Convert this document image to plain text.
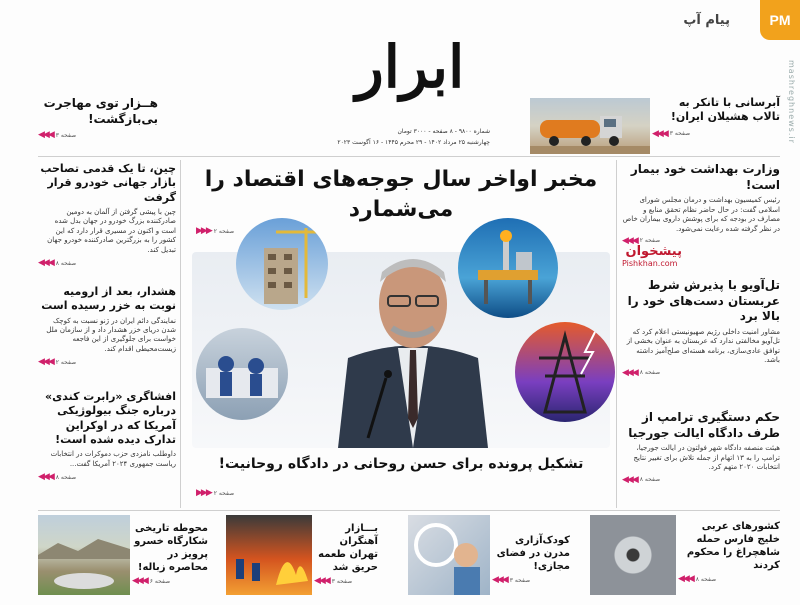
PM
پیام آپ
mashreghnews.ir
ابرار
شماره ۹۸۰۰ - ۸ صفحه - ۳۰۰۰ تومان
چهارشنبه ۲۵ مرداد ۱۴۰۲ - ۲۹ محرم ۱۴۴۵ - ۱۶ آگوست ۲۰۲۳
هــزار توی مهاجرت بی‌بازگشت!
صفحه ۳
◀◀◀
آبرسانی با تانکر به تالاب هشیلان ایران!
صفحه ۳
◀◀◀
چین، تا یک قدمی تصاحب بازار جهانی خودرو قرار گرفت
چین با پیشی گرفتن از آلمان به دومین صادرکننده بزرگ خودرو در جهان بدل شده است و اکنون در مسیری قرار دارد که این کشور را به بزرگترین صادرکننده خودرو جهان تبدیل کند.
صفحه ۸
◀◀◀
هشدار، بعد از ارومیه نوبت به خزر رسیده است
نمایندگی دائم ایران در ژنو نسبت به کوچک شدن دریای خزر هشدار داد و از سازمان ملل خواست برای جلوگیری از این فاجعه زیست‌محیطی اقدام کند.
صفحه ۲
◀◀◀
افشاگری «رابرت کندی» درباره جنگ بیولوژیکی آمریکا که در اوکراین تدارک دیده شده است!
داوطلب نامزدی حزب دموکرات در انتخابات ریاست جمهوری ۲۰۲۴ آمریکا گفت...
صفحه ۸
◀◀◀
مخبر اواخر سال جوجه‌های اقتصاد را می‌شمارد
▶▶▶ صفحه ۲
تشکیل پرونده برای حسن روحانی در دادگاه روحانیت!
▶▶▶ صفحه ۲
وزارت بهداشت خود بیمار است!
رئیس کمیسیون بهداشت و درمان مجلس شورای اسلامی گفت: در حال حاضر نظام تحقق منابع و مصارف در بودجه که برای پوشش داروی بیماران خاص در نظر گرفته شده رعایت نمی‌شود.
صفحه ۲
◀◀◀
پیشخوان
Pishkhan.com
تل‌آویو با پذیرش شرط عربستان دست‌های خود را بالا برد
مشاور امنیت داخلی رژیم صهیونیستی اعلام کرد که تل‌آویو مخالفتی ندارد که عربستان به عنوان بخشی از توافق عادی‌سازی، برنامه هسته‌ای صلح‌آمیز داشته باشد.
صفحه ۸
◀◀◀
حکم دستگیری ترامپ از طرف دادگاه ایالت جورجیا
هیئت منصفه دادگاه شهر فولتون در ایالت جورجیا، ترامپ را به ۱۳ اتهام از جمله تلاش برای تغییر نتایج انتخابات ۲۰۲۰ متهم کرد.
صفحه ۸
◀◀◀
کشورهای عربی خلیج فارس حمله شاهچراغ را محکوم کردند
صفحه ۸
◀◀◀
کودک‌آزاری مدرن در فضای مجازی!
صفحه ۳
◀◀◀
بـــازار آهنگران تهران طعمه حریق شد
صفحه ۳
◀◀◀
محوطه تاریخی شکارگاه خسرو پرویز در محاصره زباله!
صفحه ۶
◀◀◀
